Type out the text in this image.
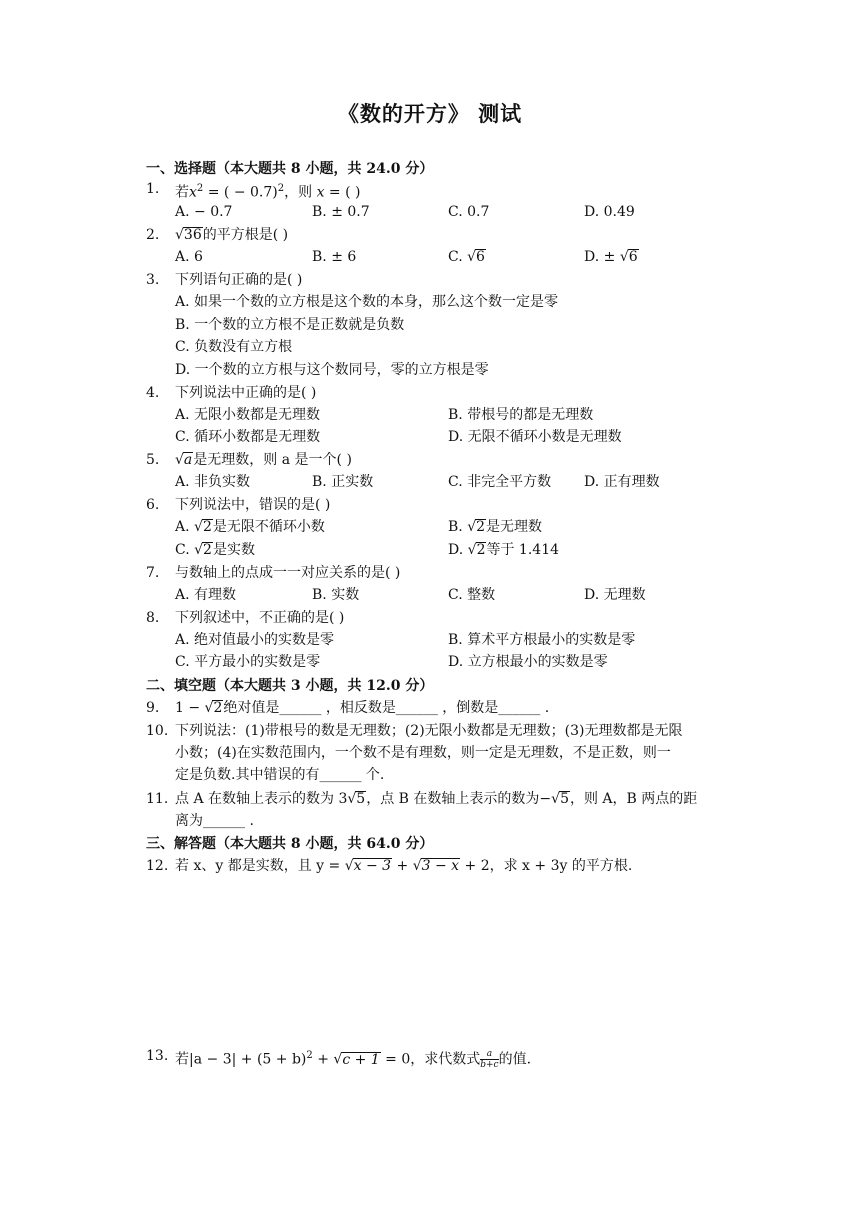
《数的开方》 测试
一、选择题（本大题共 8 小题，共 24.0 分）
1.	若$x^2$ = ( − 0.7)$^2$，则 x = ( )
A. − 0.7	B. ± 0.7	C. 0.7	D. 0.49
2.	√36的平方根是( )
A. 6	B. ± 6	C. √6	D. ± √6
3.	下列语句正确的是( )
A. 如果一个数的立方根是这个数的本身，那么这个数一定是零
B. 一个数的立方根不是正数就是负数
C. 负数没有立方根
D. 一个数的立方根与这个数同号，零的立方根是零
4.	下列说法中正确的是( )
A. 无限小数都是无理数	B. 带根号的都是无理数
C. 循环小数都是无理数	D. 无限不循环小数是无理数
5.	√a是无理数，则 a 是一个( )
A. 非负实数	B. 正实数	C. 非完全平方数 D. 正有理数
6.	下列说法中，错误的是( )
A. √2是无限不循环小数	B. √2是无理数
C. √2是实数	D. √2等于 1.414
7.	与数轴上的点成一一对应关系的是( )
A. 有理数	B. 实数	C. 整数	D. 无理数
8.	下列叙述中，不正确的是( )
A. 绝对值最小的实数是零	B. 算术平方根最小的实数是零
C. 平方最小的实数是零	D. 立方根最小的实数是零
二、填空题（本大题共 3 小题，共 12.0 分）
9.	1 − √2绝对值是______ ，相反数是______ ，倒数是______ .
10. 下列说法：(1)带根号的数是无理数；(2)无限小数都是无理数；(3)无理数都是无限
小数；(4)在实数范围内，一个数不是有理数，则一定是无理数，不是正数，则一
定是负数.其中错误的有______ 个.
11. 点 A 在数轴上表示的数为 3√5，点 B 在数轴上表示的数为−√5，则 A，B 两点的距
离为______ .
三、解答题（本大题共 8 小题，共 64.0 分）
12. 若 x、y 都是实数，且 y = √x − 3 + √3 − x + 2，求 x + 3y 的平方根.
13. 若$|a - 3| + (5 + b)^2 + √c + 1 = 0$，求代数式 $\frac{a}{b+c}$ 的值.
